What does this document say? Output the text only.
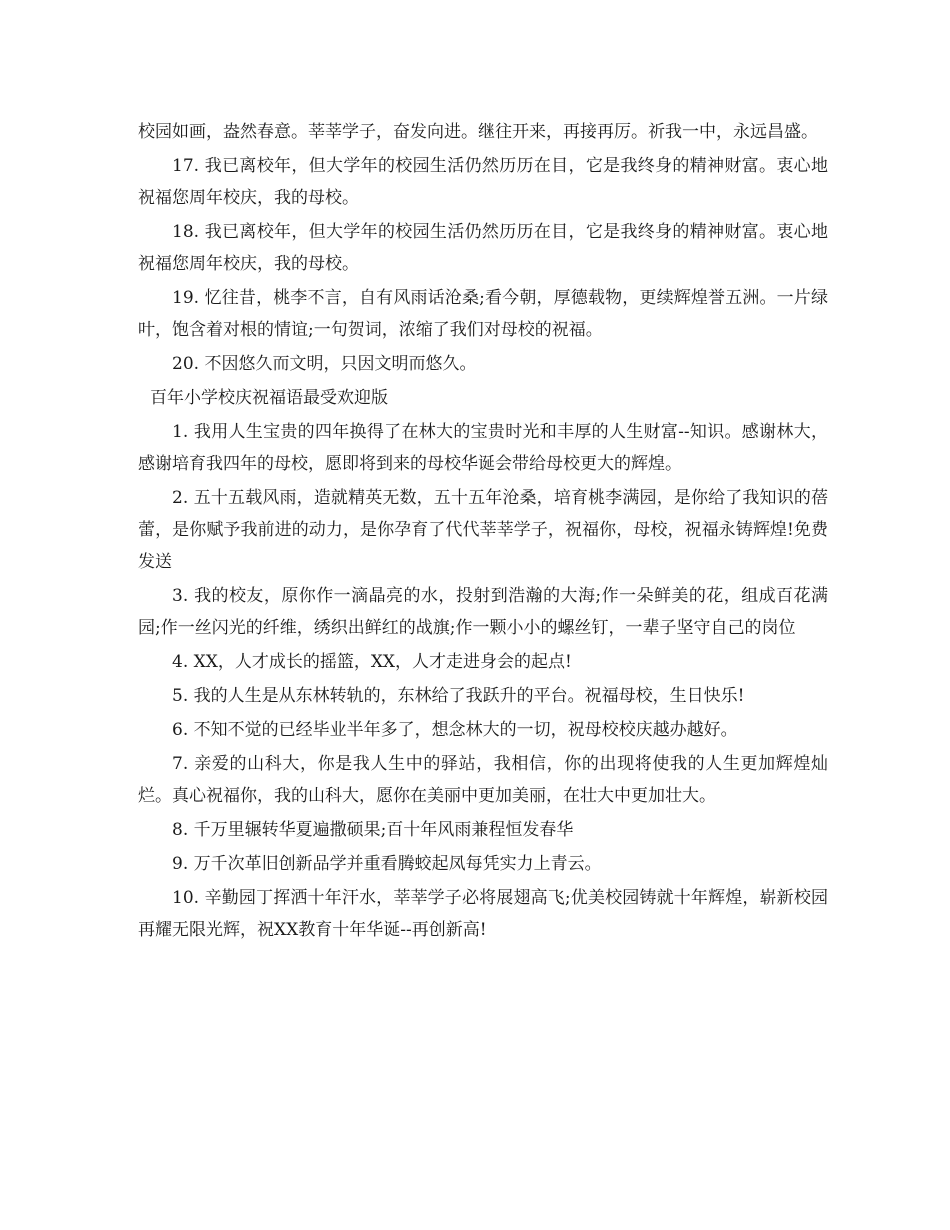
校园如画，盎然春意。莘莘学子，奋发向进。继往开来，再接再厉。祈我一中，永远昌盛。

17. 我已离校年，但大学年的校园生活仍然历历在目，它是我终身的精神财富。衷心地祝福您周年校庆，我的母校。

18. 我已离校年，但大学年的校园生活仍然历历在目，它是我终身的精神财富。衷心地祝福您周年校庆，我的母校。

19. 忆往昔，桃李不言，自有风雨话沧桑;看今朝，厚德载物，更续辉煌誉五洲。一片绿叶，饱含着对根的情谊;一句贺词，浓缩了我们对母校的祝福。

20. 不因悠久而文明，只因文明而悠久。

百年小学校庆祝福语最受欢迎版

1. 我用人生宝贵的四年换得了在林大的宝贵时光和丰厚的人生财富--知识。感谢林大，感谢培育我四年的母校，愿即将到来的母校华诞会带给母校更大的辉煌。

2. 五十五载风雨，造就精英无数，五十五年沧桑，培育桃李满园，是你给了我知识的蓓蕾，是你赋予我前进的动力，是你孕育了代代莘莘学子，祝福你，母校，祝福永铸辉煌!免费发送

3. 我的校友，原你作一滴晶亮的水，投射到浩瀚的大海;作一朵鲜美的花，组成百花满园;作一丝闪光的纤维，绣织出鲜红的战旗;作一颗小小的螺丝钉，一辈子坚守自己的岗位

4. XX，人才成长的摇篮，XX，人才走进身会的起点!

5. 我的人生是从东林转轨的，东林给了我跃升的平台。祝福母校，生日快乐!

6. 不知不觉的已经毕业半年多了，想念林大的一切，祝母校校庆越办越好。

7. 亲爱的山科大，你是我人生中的驿站，我相信，你的出现将使我的人生更加辉煌灿烂。真心祝福你，我的山科大，愿你在美丽中更加美丽，在壮大中更加壮大。

8. 千万里辗转华夏遍撒硕果;百十年风雨兼程恒发春华

9. 万千次革旧创新品学并重看腾蛟起凤每凭实力上青云。

10. 辛勤园丁挥洒十年汗水，莘莘学子必将展翅高飞;优美校园铸就十年辉煌，崭新校园再耀无限光辉，祝XX教育十年华诞--再创新高!
